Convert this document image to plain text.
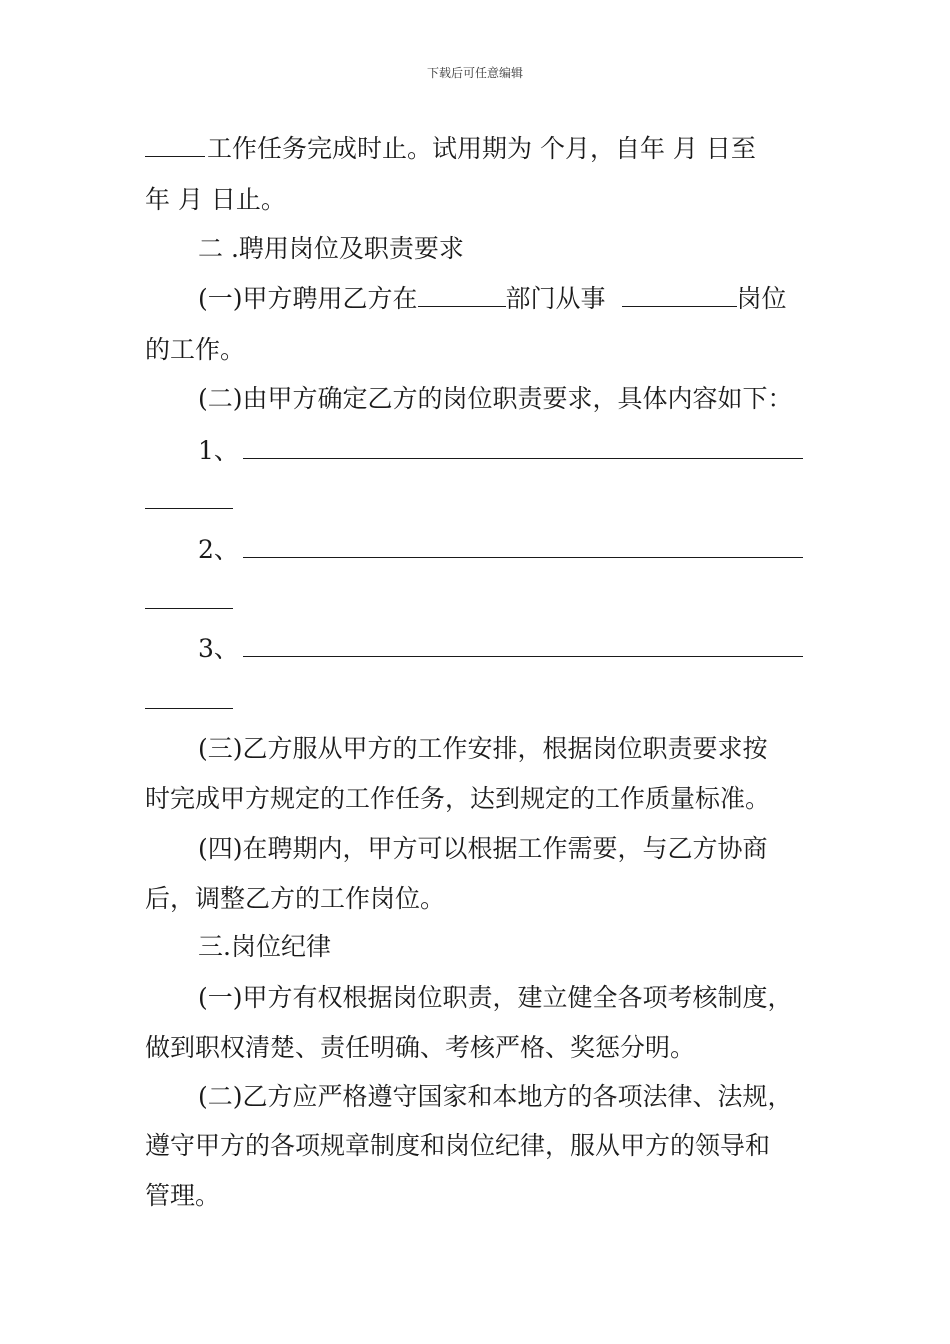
下载后可任意编辑
工作任务完成时止。试用期为 个月，自年 月 日至
年 月 日止。
二 .聘用岗位及职责要求
(一)甲方聘用乙方在	部门从事	岗位
的工作。
(二)由甲方确定乙方的岗位职责要求，具体内容如下：
1、
2、
3、
(三)乙方服从甲方的工作安排，根据岗位职责要求按
时完成甲方规定的工作任务，达到规定的工作质量标准。
(四)在聘期内，甲方可以根据工作需要，与乙方协商
后，调整乙方的工作岗位。
三.岗位纪律
(一)甲方有权根据岗位职责，建立健全各项考核制度，
做到职权清楚、责任明确、考核严格、奖惩分明。
(二)乙方应严格遵守国家和本地方的各项法律、法规，
遵守甲方的各项规章制度和岗位纪律，服从甲方的领导和
管理。
